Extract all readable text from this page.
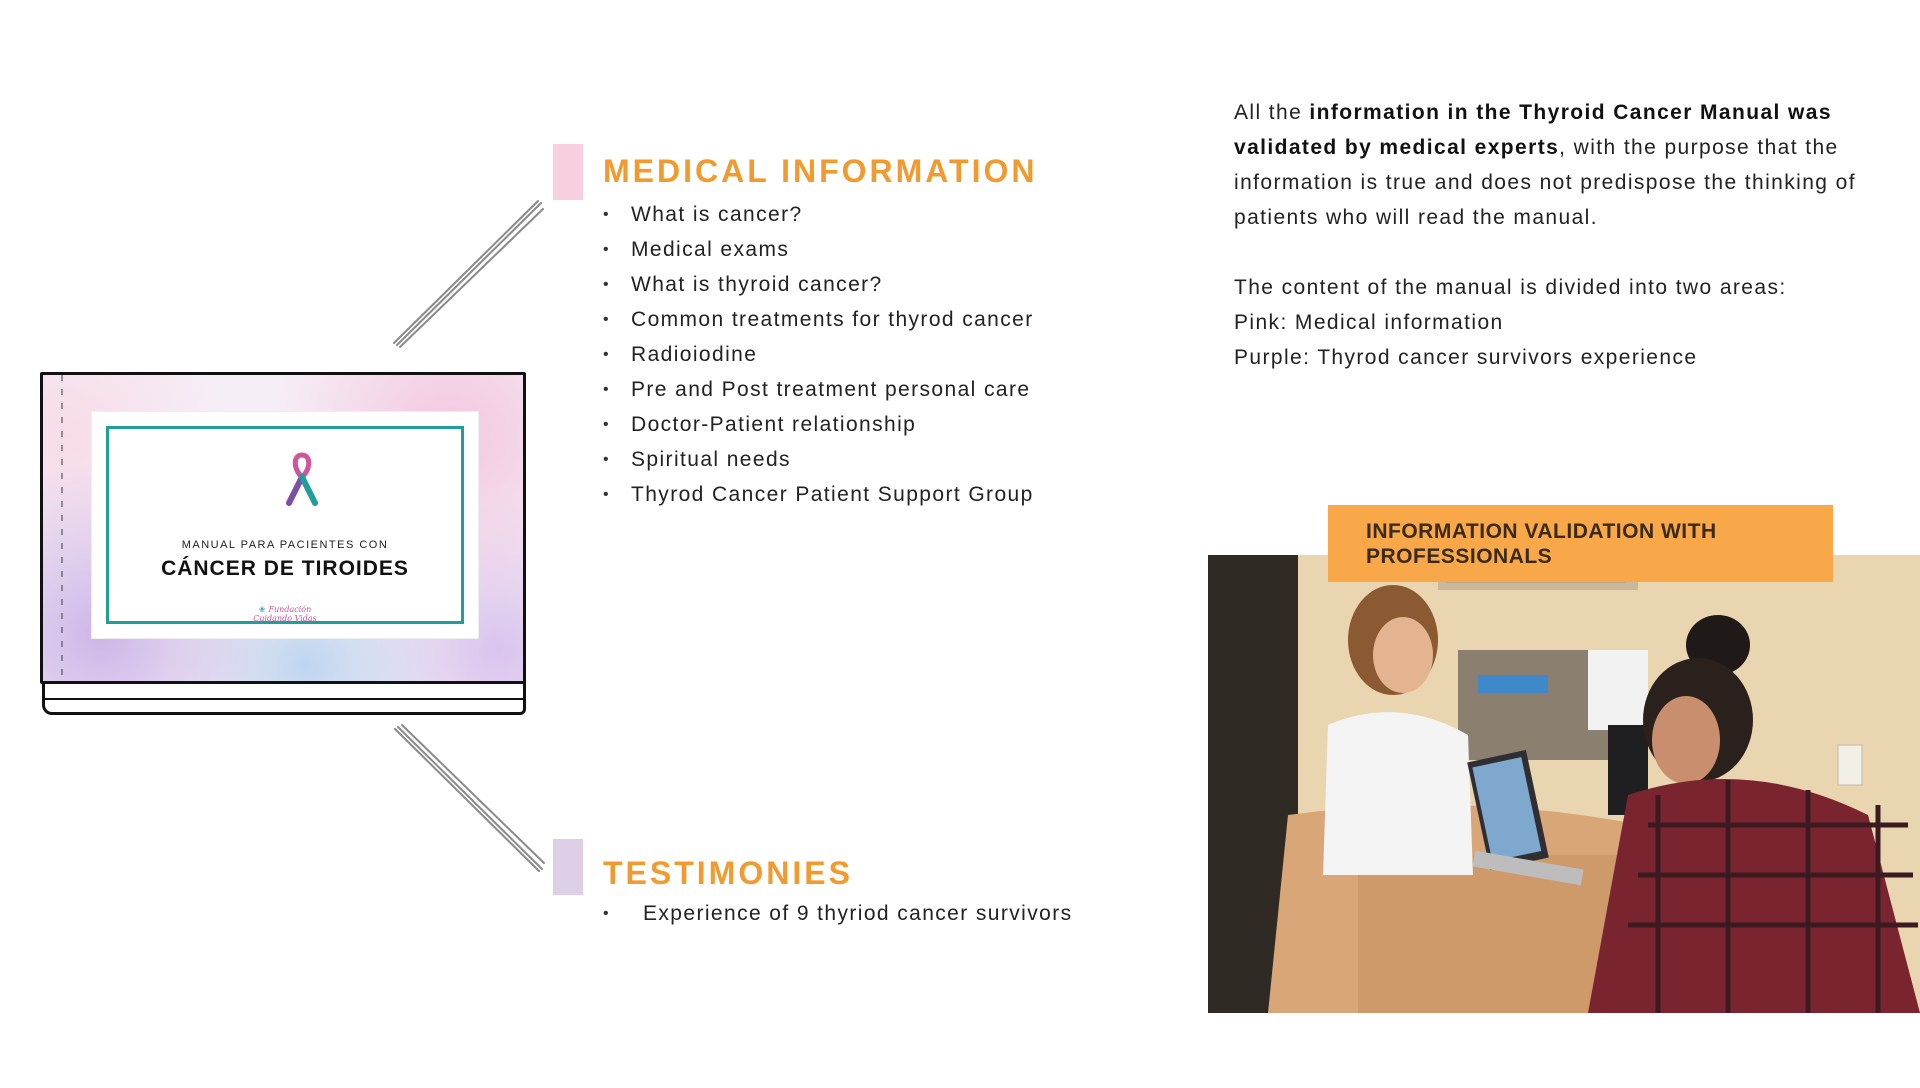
MANUAL PARA PACIENTES CON
CÁNCER DE TIROIDES
❀ Fundación
Cuidando Vidas
MEDICAL INFORMATION
• What is cancer?
• Medical exams
• What is thyroid cancer?
• Common treatments for thyrod cancer
• Radioiodine
• Pre and Post treatment personal care
• Doctor-Patient relationship
• Spiritual needs
• Thyrod Cancer Patient Support Group
TESTIMONIES
• Experience of 9 thyriod cancer survivors

All the information in the Thyroid Cancer Manual was validated by medical experts, with the purpose that the information is true and does not predispose the thinking of patients who will read the manual.

The content of the manual is divided into two areas:

Pink: Medical information

Purple: Thyrod cancer survivors experience

INFORMATION VALIDATION WITH
PROFESSIONALS
